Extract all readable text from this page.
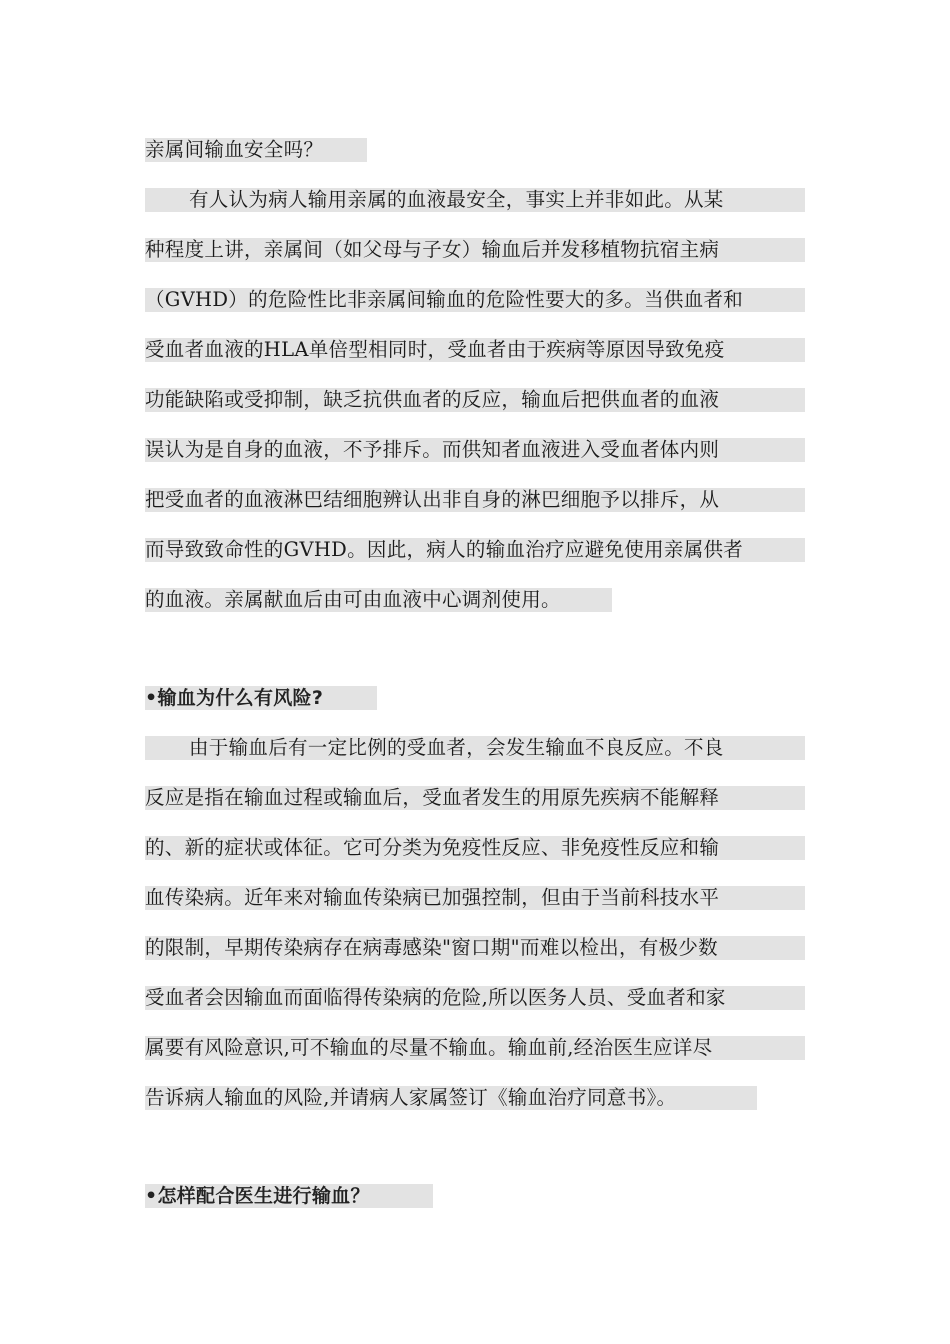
亲属间输血安全吗？
有人认为病人输用亲属的血液最安全，事实上并非如此。从某
种程度上讲，亲属间（如父母与子女）输血后并发移植物抗宿主病
（GVHD）的危险性比非亲属间输血的危险性要大的多。当供血者和
受血者血液的HLA单倍型相同时，受血者由于疾病等原因导致免疫
功能缺陷或受抑制，缺乏抗供血者的反应，输血后把供血者的血液
误认为是自身的血液，不予排斥。而供知者血液进入受血者体内则
把受血者的血液淋巴结细胞辨认出非自身的淋巴细胞予以排斥，从
而导致致命性的GVHD。因此，病人的输血治疗应避免使用亲属供者
的血液。亲属献血后由可由血液中心调剂使用。
•输血为什么有风险?
由于输血后有一定比例的受血者，会发生输血不良反应。不良
反应是指在输血过程或输血后，受血者发生的用原先疾病不能解释
的、新的症状或体征。它可分类为免疫性反应、非免疫性反应和输
血传染病。近年来对输血传染病已加强控制，但由于当前科技水平
的限制，早期传染病存在病毒感染"窗口期"而难以检出，有极少数
受血者会因输血而面临得传染病的危险,所以医务人员、受血者和家
属要有风险意识,可不输血的尽量不输血。输血前,经治医生应详尽
告诉病人输血的风险,并请病人家属签订《输血治疗同意书》。
•怎样配合医生进行输血？
